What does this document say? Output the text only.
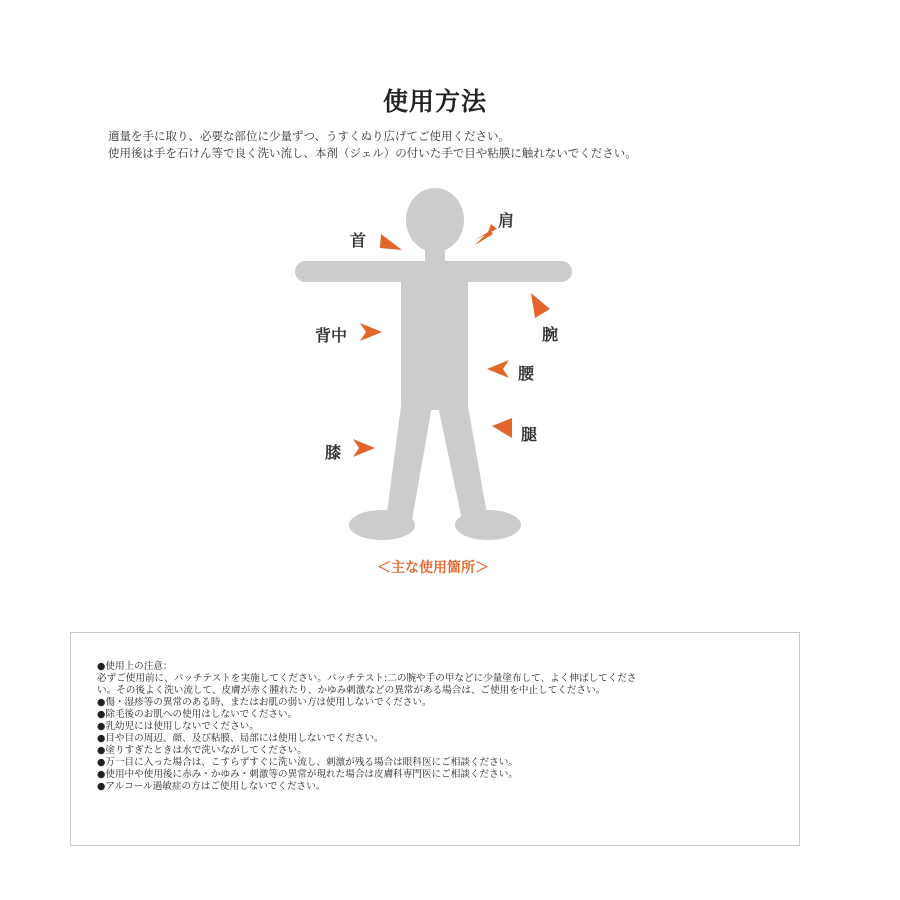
使用方法
適量を手に取り、必要な部位に少量ずつ、うすくぬり広げてご使用ください。
使用後は手を石けん等で良く洗い流し、本剤（ジェル）の付いた手で目や粘膜に触れないでください。
首
肩
背中	腕
腰
腿
膝
＜主な使用箇所＞
●使用上の注意：
必ずご使用前に、パッチテストを実施してください。パッチテスト:二の腕や手の甲などに少量塗布して、よく伸ばしてくださ
い。その後よく洗い流して、皮膚が赤く腫れたり、かゆみ刺激などの異常がある場合は、ご使用を中止してください。
●傷・湿疹等の異常のある時、またはお肌の弱い方は使用しないでください。
●除毛後のお肌への使用はしないでください。
●乳幼児には使用しないでください。
●目や目の周辺、顔、及び粘膜、局部には使用しないでください。
●塗りすぎたときは水で洗いながしてください。
●万一目に入った場合は、こすらずすぐに洗い流し、刺激が残る場合は眼科医にご相談ください。
●使用中や使用後に赤み・かゆみ・刺激等の異常が現れた場合は皮膚科専門医にご相談ください。
●アルコール過敏症の方はご使用しないでください。
